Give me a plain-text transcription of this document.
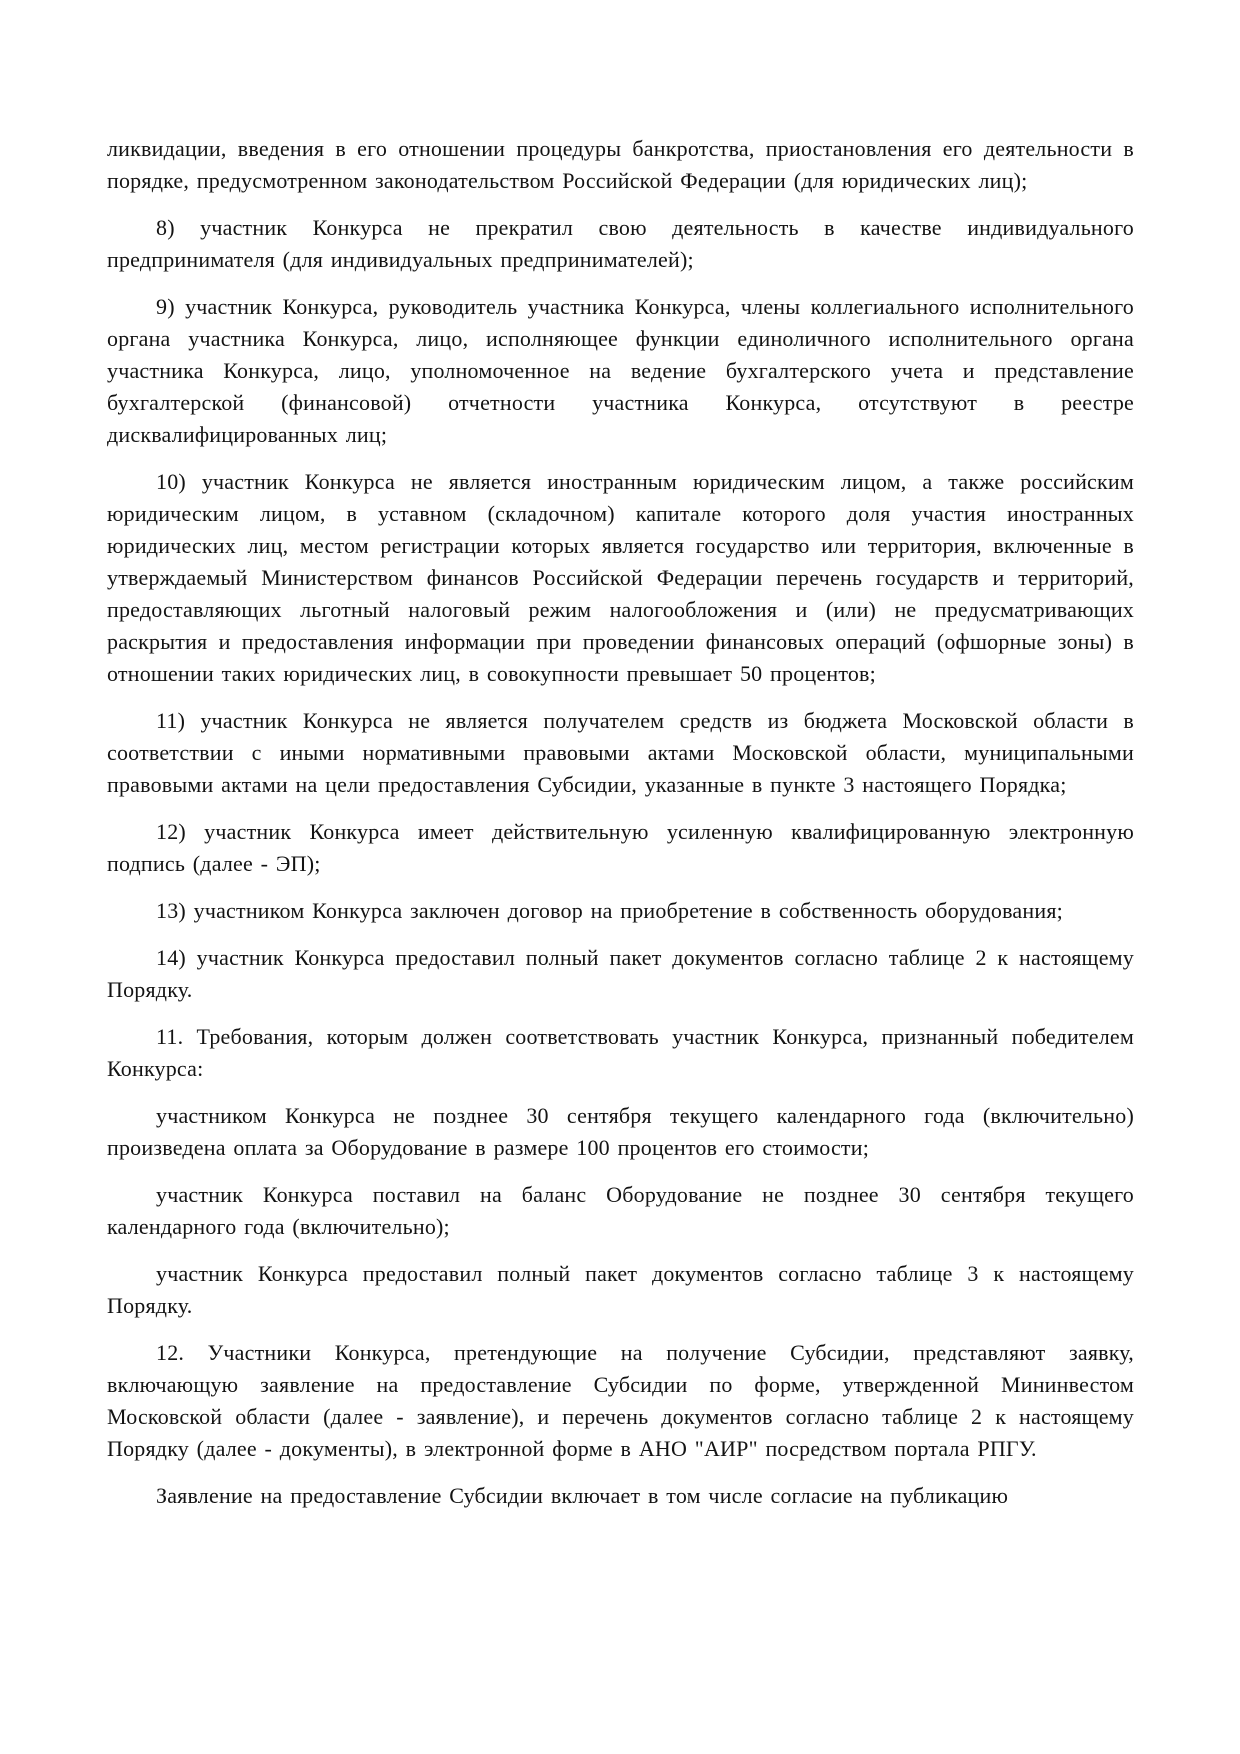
ликвидации, введения в его отношении процедуры банкротства, приостановления его деятельности в порядке, предусмотренном законодательством Российской Федерации (для юридических лиц);

8) участник Конкурса не прекратил свою деятельность в качестве индивидуального предпринимателя (для индивидуальных предпринимателей);

9) участник Конкурса, руководитель участника Конкурса, члены коллегиального исполнительного органа участника Конкурса, лицо, исполняющее функции единоличного исполнительного органа участника Конкурса, лицо, уполномоченное на ведение бухгалтерского учета и представление бухгалтерской (финансовой) отчетности участника Конкурса, отсутствуют в реестре дисквалифицированных лиц;

10) участник Конкурса не является иностранным юридическим лицом, а также российским юридическим лицом, в уставном (складочном) капитале которого доля участия иностранных юридических лиц, местом регистрации которых является государство или территория, включенные в утверждаемый Министерством финансов Российской Федерации перечень государств и территорий, предоставляющих льготный налоговый режим налогообложения и (или) не предусматривающих раскрытия и предоставления информации при проведении финансовых операций (офшорные зоны) в отношении таких юридических лиц, в совокупности превышает 50 процентов;

11) участник Конкурса не является получателем средств из бюджета Московской области в соответствии с иными нормативными правовыми актами Московской области, муниципальными правовыми актами на цели предоставления Субсидии, указанные в пункте 3 настоящего Порядка;

12) участник Конкурса имеет действительную усиленную квалифицированную электронную подпись (далее - ЭП);

13) участником Конкурса заключен договор на приобретение в собственность оборудования;

14) участник Конкурса предоставил полный пакет документов согласно таблице 2 к настоящему Порядку.

11. Требования, которым должен соответствовать участник Конкурса, признанный победителем Конкурса:

участником Конкурса не позднее 30 сентября текущего календарного года (включительно) произведена оплата за Оборудование в размере 100 процентов его стоимости;

участник Конкурса поставил на баланс Оборудование не позднее 30 сентября текущего календарного года (включительно);

участник Конкурса предоставил полный пакет документов согласно таблице 3 к настоящему Порядку.

12. Участники Конкурса, претендующие на получение Субсидии, представляют заявку, включающую заявление на предоставление Субсидии по форме, утвержденной Мининвестом Московской области (далее - заявление), и перечень документов согласно таблице 2 к настоящему Порядку (далее - документы), в электронной форме в АНО "АИР" посредством портала РПГУ.

Заявление на предоставление Субсидии включает в том числе согласие на публикацию
